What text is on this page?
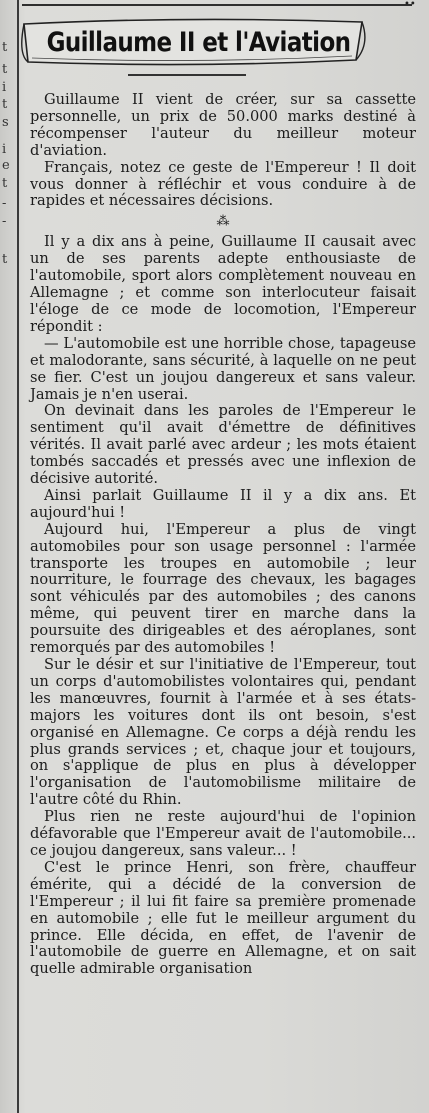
t
t
i
t
s
i
e
t
-
-
t
••
Guillaume II et l'Aviation

Guillaume II vient de créer, sur sa cassette personnelle, un prix de 50.000 marks destiné à récompenser l'auteur du meilleur moteur d'aviation.

Français, notez ce geste de l'Empereur ! Il doit vous donner à réfléchir et vous conduire à de rapides et nécessaires décisions.

⁂

Il y a dix ans à peine, Guillaume II causait avec un de ses parents adepte enthousiaste de l'automobile, sport alors complètement nouveau en Allemagne ; et comme son interlocuteur faisait l'éloge de ce mode de locomotion, l'Empereur répondit :

— L'automobile est une horrible chose, tapageuse et malodorante, sans sécurité, à laquelle on ne peut se fier. C'est un joujou dangereux et sans valeur. Jamais je n'en userai.

On devinait dans les paroles de l'Empereur le sentiment qu'il avait d'émettre de définitives vérités. Il avait parlé avec ardeur ; les mots étaient tombés saccadés et pressés avec une inflexion de décisive autorité.

Ainsi parlait Guillaume II il y a dix ans. Et aujourd'hui !

Aujourd hui, l'Empereur a plus de vingt automobiles pour son usage personnel : l'armée transporte les troupes en automobile ; leur nourriture, le fourrage des chevaux, les bagages sont véhiculés par des automobiles ; des canons même, qui peuvent tirer en marche dans la poursuite des dirigeables et des aéroplanes, sont remorqués par des automobiles !

Sur le désir et sur l'initiative de l'Empereur, tout un corps d'automobilistes volontaires qui, pendant les manœuvres, fournit à l'armée et à ses états-majors les voitures dont ils ont besoin, s'est organisé en Allemagne. Ce corps a déjà rendu les plus grands services ; et, chaque jour et toujours, on s'applique de plus en plus à développer l'organisation de l'automobilisme militaire de l'autre côté du Rhin.

Plus rien ne reste aujourd'hui de l'opinion défavorable que l'Empereur avait de l'automobile... ce joujou dangereux, sans valeur... !

C'est le prince Henri, son frère, chauffeur émérite, qui a décidé de la conversion de l'Empereur ; il lui fit faire sa première promenade en automobile ; elle fut le meilleur argument du prince. Elle décida, en effet, de l'avenir de l'automobile de guerre en Allemagne, et on sait quelle admirable organisation
